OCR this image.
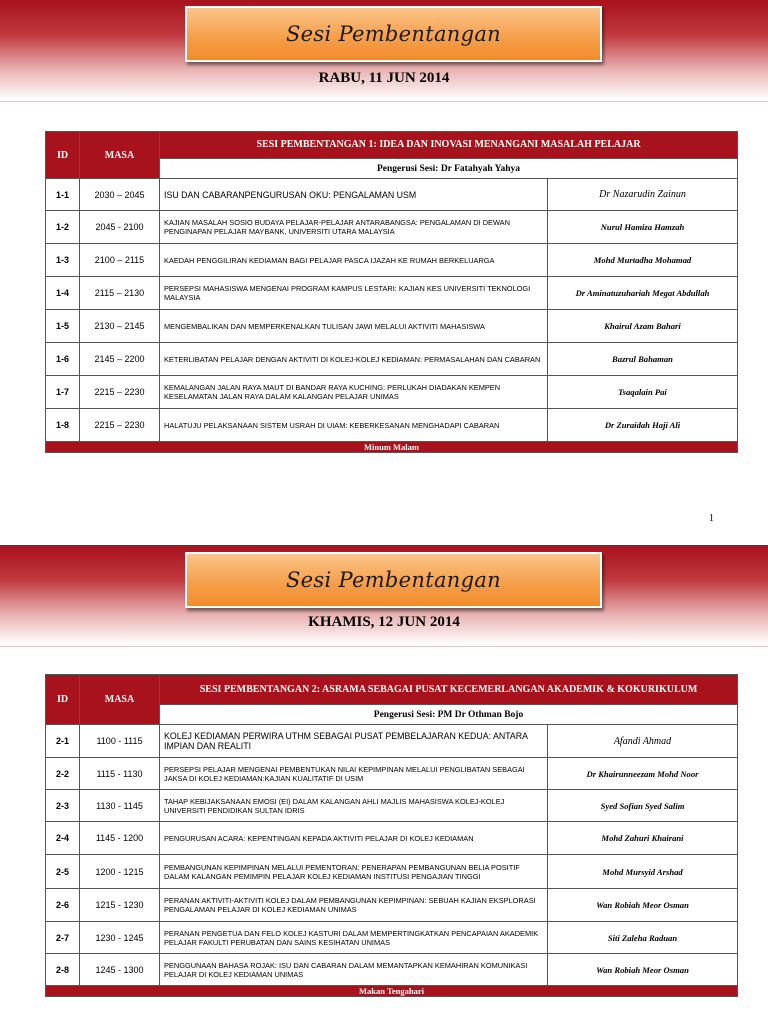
Sesi Pembentangan
RABU, 11 JUN 2014
ID	MASA	SESI PEMBENTANGAN 1: IDEA DAN INOVASI MENANGANI MASALAH PELAJAR	
		Pengerusi Sesi: Dr Fatahyah Yahya	
1-1	2030 – 2045	ISU DAN CABARANPENGURUSAN OKU: PENGALAMAN USM	Dr Nazarudin Zainun
1-2	2045 - 2100	KAJIAN MASALAH SOSIO BUDAYA PELAJAR-PELAJAR ANTARABANGSA: PENGALAMAN DI DEWAN PENGINAPAN PELAJAR MAYBANK, UNIVERSITI UTARA MALAYSIA	Nurul Hamiza Hamzah
1-3	2100 – 2115	KAEDAH PENGGILIRAN KEDIAMAN BAGI PELAJAR PASCA IJAZAH KE RUMAH BERKELUARGA	Mohd Murtadha Mohamad
1-4	2115 – 2130	PERSEPSI MAHASISWA MENGENAI PROGRAM KAMPUS LESTARI: KAJIAN KES UNIVERSITI TEKNOLOGI MALAYSIA	Dr Aminatuzuhariah Megat Abdullah
1-5	2130 – 2145	MENGEMBALIKAN DAN MEMPERKENALKAN TULISAN JAWI MELALUI AKTIVITI MAHASISWA	Khairul Azam Bahari
1-6	2145 – 2200	KETERLIBATAN PELAJAR DENGAN AKTIVITI DI KOLEJ-KOLEJ KEDIAMAN: PERMASALAHAN DAN CABARAN	Bazrul Bahaman
1-7	2215 – 2230	KEMALANGAN JALAN RAYA MAUT DI BANDAR RAYA KUCHING: PERLUKAH DIADAKAN KEMPEN KESELAMATAN JALAN RAYA DALAM KALANGAN PELAJAR UNIMAS	Tsaqalain Pai
1-8	2215 – 2230	HALATUJU PELAKSANAAN SISTEM USRAH DI UIAM: KEBERKESANAN MENGHADAPI CABARAN	Dr Zuraidah Haji Ali
Minum Malam			
1
Sesi Pembentangan
KHAMIS, 12 JUN 2014
ID	MASA	SESI PEMBENTANGAN 2: ASRAMA SEBAGAI PUSAT KECEMERLANGAN AKADEMIK & KOKURIKULUM	
		Pengerusi Sesi: PM Dr Othman Bojo	
2-1	1100 - 1115	KOLEJ KEDIAMAN PERWIRA UTHM SEBAGAI PUSAT PEMBELAJARAN KEDUA: ANTARA IMPIAN DAN REALITI	Afandi Ahmad
2-2	1115 - 1130	PERSEPSI PELAJAR MENGENAI PEMBENTUKAN NILAI KEPIMPINAN MELALUI PENGLIBATAN SEBAGAI JAKSA DI KOLEJ KEDIAMAN:KAJIAN KUALITATIF DI USIM	Dr Khairunneezam Mohd Noor
2-3	1130 - 1145	TAHAP KEBIJAKSANAAN EMOSI (EI) DALAM KALANGAN AHLI MAJLIS MAHASISWA KOLEJ-KOLEJ UNIVERSITI PENDIDIKAN SULTAN IDRIS	Syed Sofian Syed Salim
2-4	1145 - 1200	PENGURUSAN ACARA: KEPENTINGAN KEPADA AKTIVITI PELAJAR DI KOLEJ KEDIAMAN	Mohd Zahuri Khairani
2-5	1200 - 1215	PEMBANGUNAN KEPIMPINAN MELALUI PEMENTORAN: PENERAPAN PEMBANGUNAN BELIA POSITIF DALAM KALANGAN PEMIMPIN PELAJAR KOLEJ KEDIAMAN INSTITUSI PENGAJIAN TINGGI	Mohd Mursyid Arshad
2-6	1215 - 1230	PERANAN AKTIVITI-AKTIVITI KOLEJ DALAM PEMBANGUNAN KEPIMPINAN: SEBUAH KAJIAN EKSPLORASI PENGALAMAN PELAJAR DI KOLEJ KEDIAMAN UNIMAS	Wan Robiah Meor Osman
2-7	1230 - 1245	PERANAN PENGETUA DAN FELO KOLEJ KASTURI DALAM MEMPERTINGKATKAN PENCAPAIAN AKADEMIK PELAJAR FAKULTI PERUBATAN DAN SAINS KESIHATAN UNIMAS	Siti Zaleha Raduan
2-8	1245 - 1300	PENGGUNAAN BAHASA ROJAK: ISU DAN CABARAN DALAM MEMANTAPKAN KEMAHIRAN KOMUNIKASI PELAJAR DI KOLEJ KEDIAMAN UNIMAS	Wan Robiah Meor Osman
Makan Tengahari			
